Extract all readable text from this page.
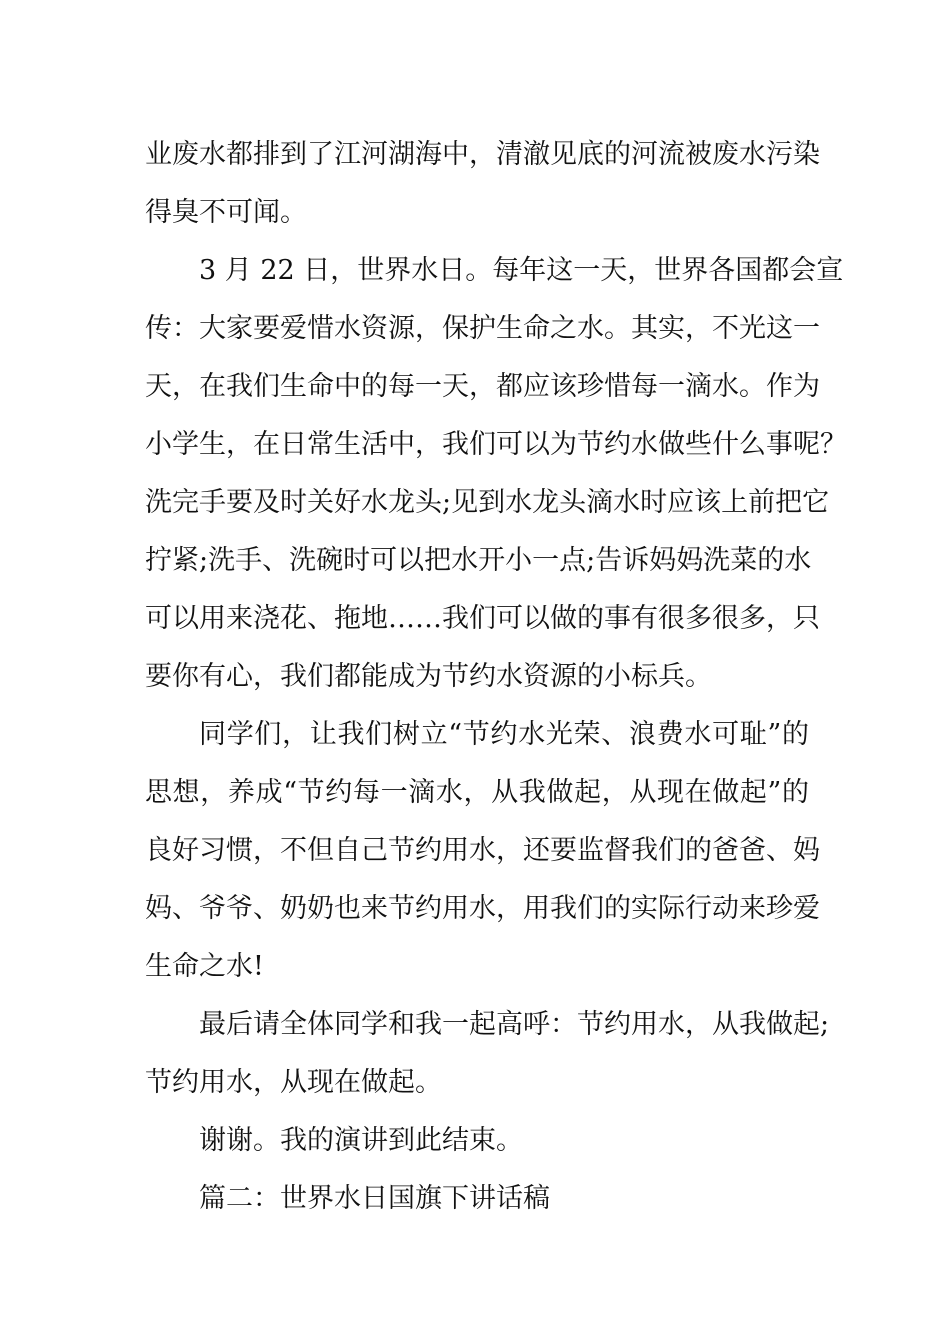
业废水都排到了江河湖海中，清澈见底的河流被废水污染
得臭不可闻。
3 月 22 日，世界水日。每年这一天，世界各国都会宣
传：大家要爱惜水资源，保护生命之水。其实，不光这一
天，在我们生命中的每一天，都应该珍惜每一滴水。作为
小学生，在日常生活中，我们可以为节约水做些什么事呢？
洗完手要及时关好水龙头;见到水龙头滴水时应该上前把它
拧紧;洗手、洗碗时可以把水开小一点;告诉妈妈洗菜的水
可以用来浇花、拖地……我们可以做的事有很多很多，只
要你有心，我们都能成为节约水资源的小标兵。
同学们，让我们树立“节约水光荣、浪费水可耻”的
思想，养成“节约每一滴水，从我做起，从现在做起”的
良好习惯，不但自己节约用水，还要监督我们的爸爸、妈
妈、爷爷、奶奶也来节约用水，用我们的实际行动来珍爱
生命之水!
最后请全体同学和我一起高呼：节约用水，从我做起;
节约用水，从现在做起。
谢谢。我的演讲到此结束。
篇二：世界水日国旗下讲话稿
